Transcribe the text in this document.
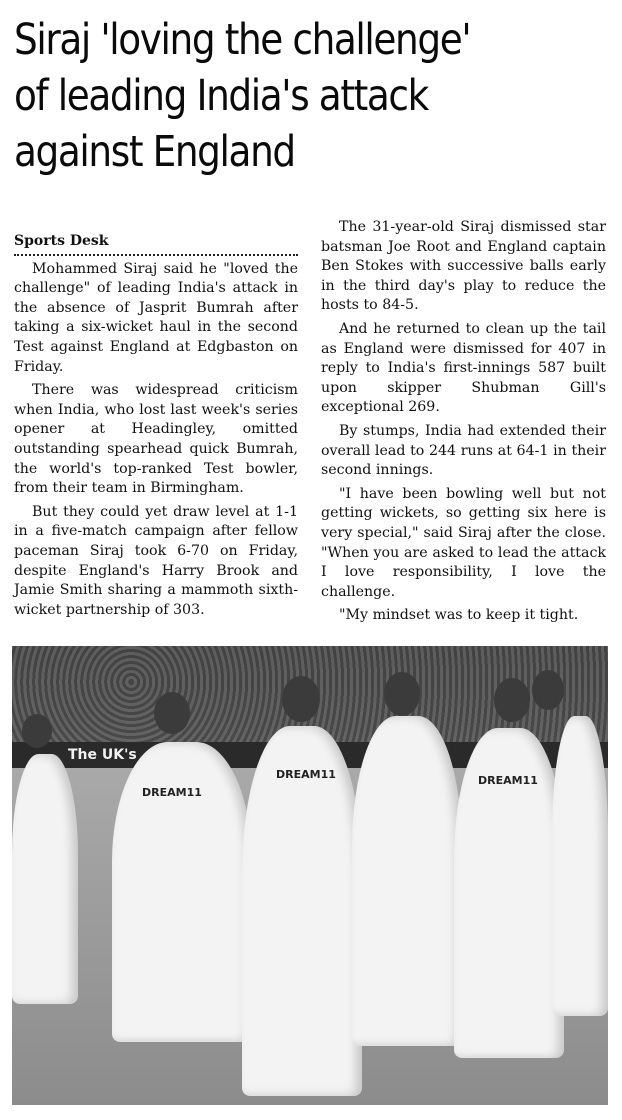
Siraj 'loving the challenge'
of leading India's attack
against England
Sports Desk

Mohammed Siraj said he "loved the challenge" of leading India's attack in the absence of Jasprit Bumrah after taking a six-wicket haul in the second Test against England at Edgbaston on Friday.

There was widespread criticism when India, who lost last week's series opener at Headingley, omitted outstanding spearhead quick Bumrah, the world's top-ranked Test bowler, from their team in Birmingham.

But they could yet draw level at 1-1 in a five-match campaign after fellow paceman Siraj took 6-70 on Friday, despite England's Harry Brook and Jamie Smith sharing a mammoth sixth-wicket partnership of 303.

The 31-year-old Siraj dismissed star batsman Joe Root and England captain Ben Stokes with successive balls early in the third day's play to reduce the hosts to 84-5.

And he returned to clean up the tail as England were dismissed for 407 in reply to India's first-innings 587 built upon skipper Shubman Gill's exceptional 269.

By stumps, India had extended their overall lead to 244 runs at 64-1 in their second innings.

"I have been bowling well but not getting wickets, so getting six here is very special," said Siraj after the close. "When you are asked to lead the attack I love responsibility, I love the challenge.

"My mindset was to keep it tight.

The UK's
DREAM11
DREAM11	DREAM11
